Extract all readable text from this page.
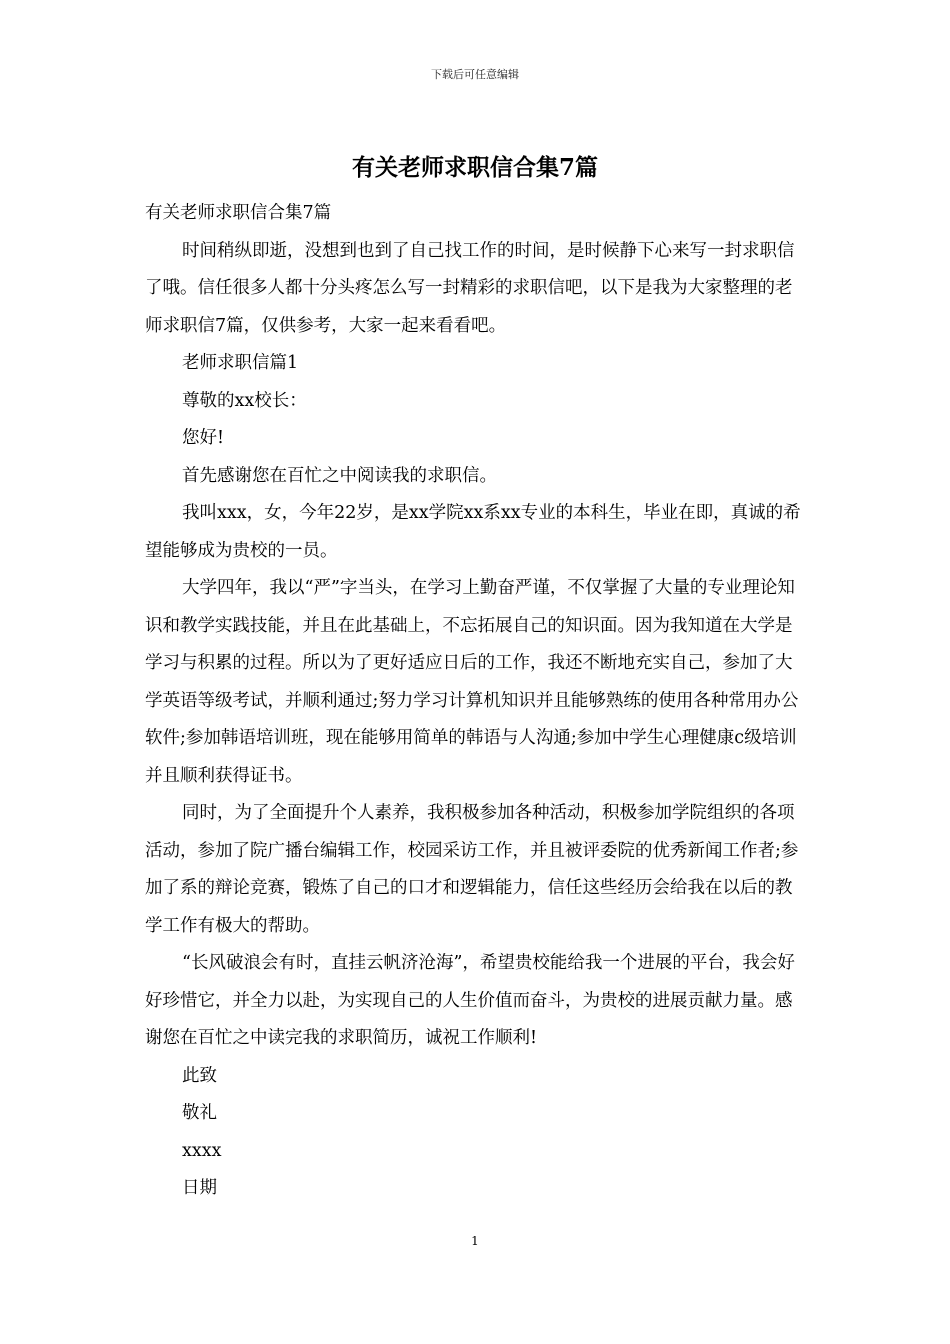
下载后可任意编辑
有关老师求职信合集7篇

有关老师求职信合集7篇

时间稍纵即逝，没想到也到了自己找工作的时间，是时候静下心来写一封求职信了哦。信任很多人都十分头疼怎么写一封精彩的求职信吧，以下是我为大家整理的老师求职信7篇，仅供参考，大家一起来看看吧。

老师求职信篇1

尊敬的xx校长：

您好!

首先感谢您在百忙之中阅读我的求职信。

我叫xxx，女，今年22岁，是xx学院xx系xx专业的本科生，毕业在即，真诚的希望能够成为贵校的一员。

大学四年，我以“严”字当头，在学习上勤奋严谨，不仅掌握了大量的专业理论知识和教学实践技能，并且在此基础上，不忘拓展自己的知识面。因为我知道在大学是学习与积累的过程。所以为了更好适应日后的工作，我还不断地充实自己，参加了大学英语等级考试，并顺利通过;努力学习计算机知识并且能够熟练的使用各种常用办公软件;参加韩语培训班，现在能够用简单的韩语与人沟通;参加中学生心理健康c级培训并且顺利获得证书。

同时，为了全面提升个人素养，我积极参加各种活动，积极参加学院组织的各项活动，参加了院广播台编辑工作，校园采访工作，并且被评委院的优秀新闻工作者;参加了系的辩论竞赛，锻炼了自己的口才和逻辑能力，信任这些经历会给我在以后的教学工作有极大的帮助。

“长风破浪会有时，直挂云帆济沧海”，希望贵校能给我一个进展的平台，我会好好珍惜它，并全力以赴，为实现自己的人生价值而奋斗，为贵校的进展贡献力量。感谢您在百忙之中读完我的求职简历，诚祝工作顺利!

此致

敬礼

xxxx

日期

1
